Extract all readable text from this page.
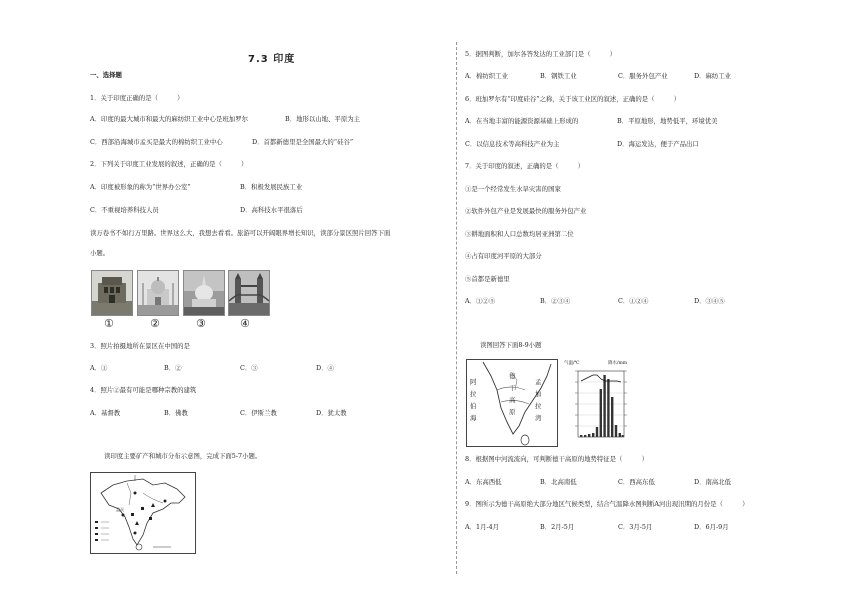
7.3 印度
一、选择题
1．关于印度正确的是（　　　）
A．印度的最大城市和最大的麻纺织工业中心是班加罗尔	B．地形以山地、平原为主
C．西部沿海城市孟买是最大的棉纺织工业中心	D．首都新德里是全国最大的“硅谷”
2．下列关于印度工业发展的叙述，正确的是（　　　）
A．印度被形象的称为“世界办公室”	B．积极发展民族工业
C．不重视培养科技人员	D．高科技水平很落后
读万卷书不如行万里路。世界这么大，我想去看看。旅游可以开阔眼界增长知识，读部分景区照片回答下面
小题。
①	②	③	④
3．照片拍摄地所在景区在中国的是
A．①	B．②	C．③	D．④
4．照片②最有可能是哪种宗教的建筑
A．基督教	B．佛教	C．伊斯兰教	D．犹太教
读印度主要矿产和城市分布示意图，完成下面5-7小题。
孟买
5．据图判断，加尔各答发达的工业部门是（　　　）
A．棉纺织工业	B．钢铁工业	C．服务外包产业	D．麻纺工业
6．班加罗尔有“印度硅谷”之称，关于该工业区的叙述，正确的是（　　　）
A．在当地丰富的能源资源基础上形成的	B．平原地形，地势低平，环境优美
C．以信息技术等高科技产业为主	D．海运发达，便于产品出口
7．关于印度的叙述，正确的是（　　　）
①是一个经常发生水旱灾害的国家
②软件外包产业是发展最快的服务外包产业
③耕地面积和人口总数均居亚洲第二位
④占有印度河平原的大部分
⑤首都是新德里
A．①②⑤	B．②③④	C．①②④	D．③④⑤
读图回答下面8-9小题
阿
拉
伯
海
德
干
高
原
孟
加
拉
湾
气温/℃	降水/mm
8．根据图中河流流向，可判断德干高原的地势特征是（　　　）
A．东高西低	B．北高南低	C．西高东低	D．南高北低
9．图所示为德干高原绝大部分地区气候类型，结合气温降水图判断A河出现汛期的月份是（　　　）
A．1月-4月	B．2月-5月	C．3月-5月	D．6月-9月
